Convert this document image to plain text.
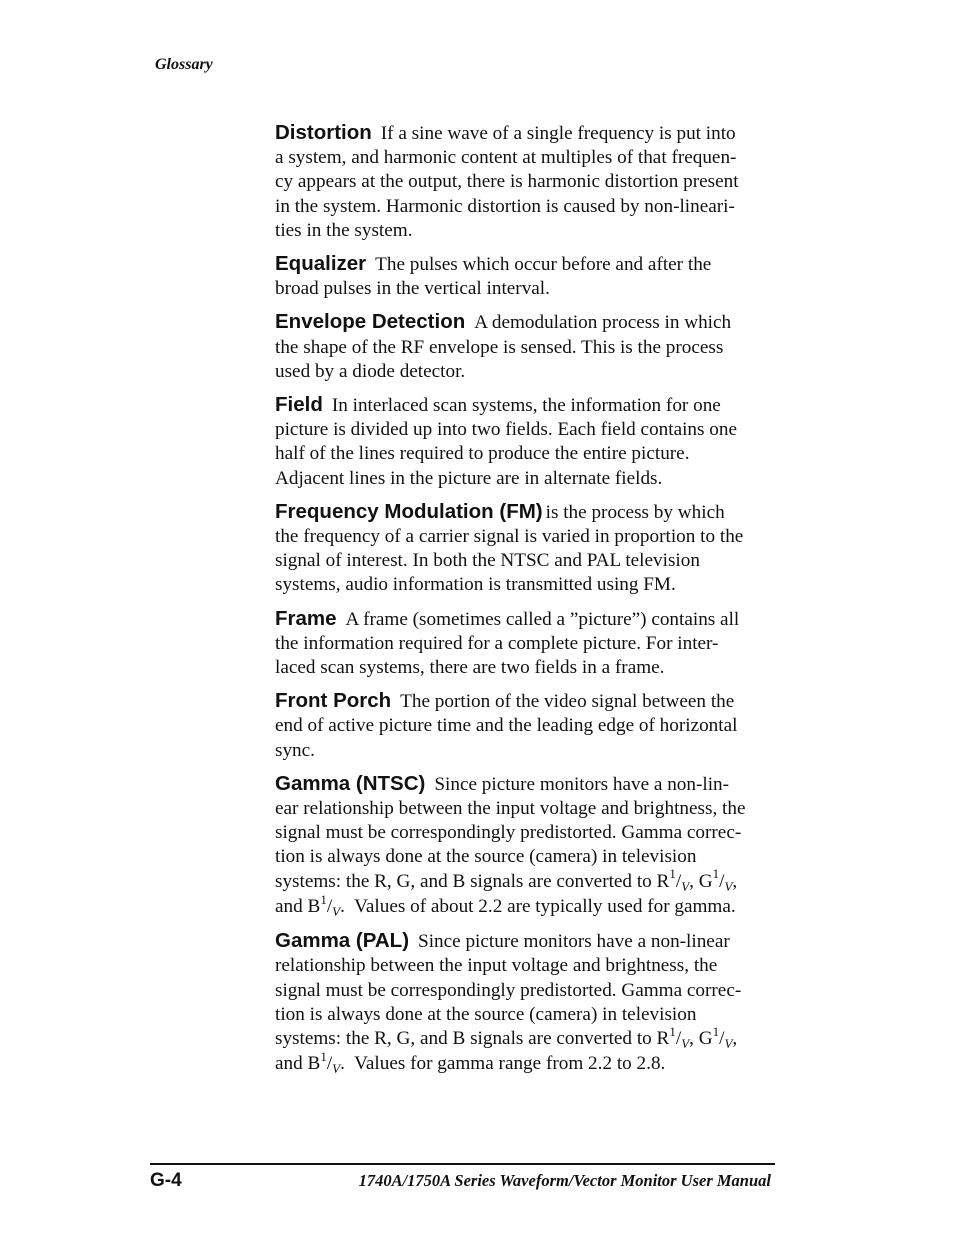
Glossary
Distortion If a sine wave of a single frequency is put into
a system, and harmonic content at multiples of that frequen-
cy appears at the output, there is harmonic distortion present
in the system. Harmonic distortion is caused by non-lineari-
ties in the system.
Equalizer The pulses which occur before and after the
broad pulses in the vertical interval.
Envelope Detection A demodulation process in which
the shape of the RF envelope is sensed. This is the process
used by a diode detector.
Field In interlaced scan systems, the information for one
picture is divided up into two fields. Each field contains one
half of the lines required to produce the entire picture.
Adjacent lines in the picture are in alternate fields.
Frequency Modulation (FM) is the process by which
the frequency of a carrier signal is varied in proportion to the
signal of interest. In both the NTSC and PAL television
systems, audio information is transmitted using FM.
Frame A frame (sometimes called a ”picture”) contains all
the information required for a complete picture. For inter-
laced scan systems, there are two fields in a frame.
Front Porch The portion of the video signal between the
end of active picture time and the leading edge of horizontal
sync.
Gamma (NTSC) Since picture monitors have a non-lin-
ear relationship between the input voltage and brightness, the
signal must be correspondingly predistorted. Gamma correc-
tion is always done at the source (camera) in television
systems: the R, G, and B signals are converted to $R^1/_V$, $G^1/_V$,
and $B^1/_V$.  Values of about 2.2 are typically used for gamma.
Gamma (PAL) Since picture monitors have a non-linear
relationship between the input voltage and brightness, the
signal must be correspondingly predistorted. Gamma correc-
tion is always done at the source (camera) in television
systems: the R, G, and B signals are converted to $R^1/_V$, $G^1/_V$,
and $B^1/_V$.  Values for gamma range from 2.2 to 2.8.
G-4	1740A/1750A Series Waveform/Vector Monitor User Manual
